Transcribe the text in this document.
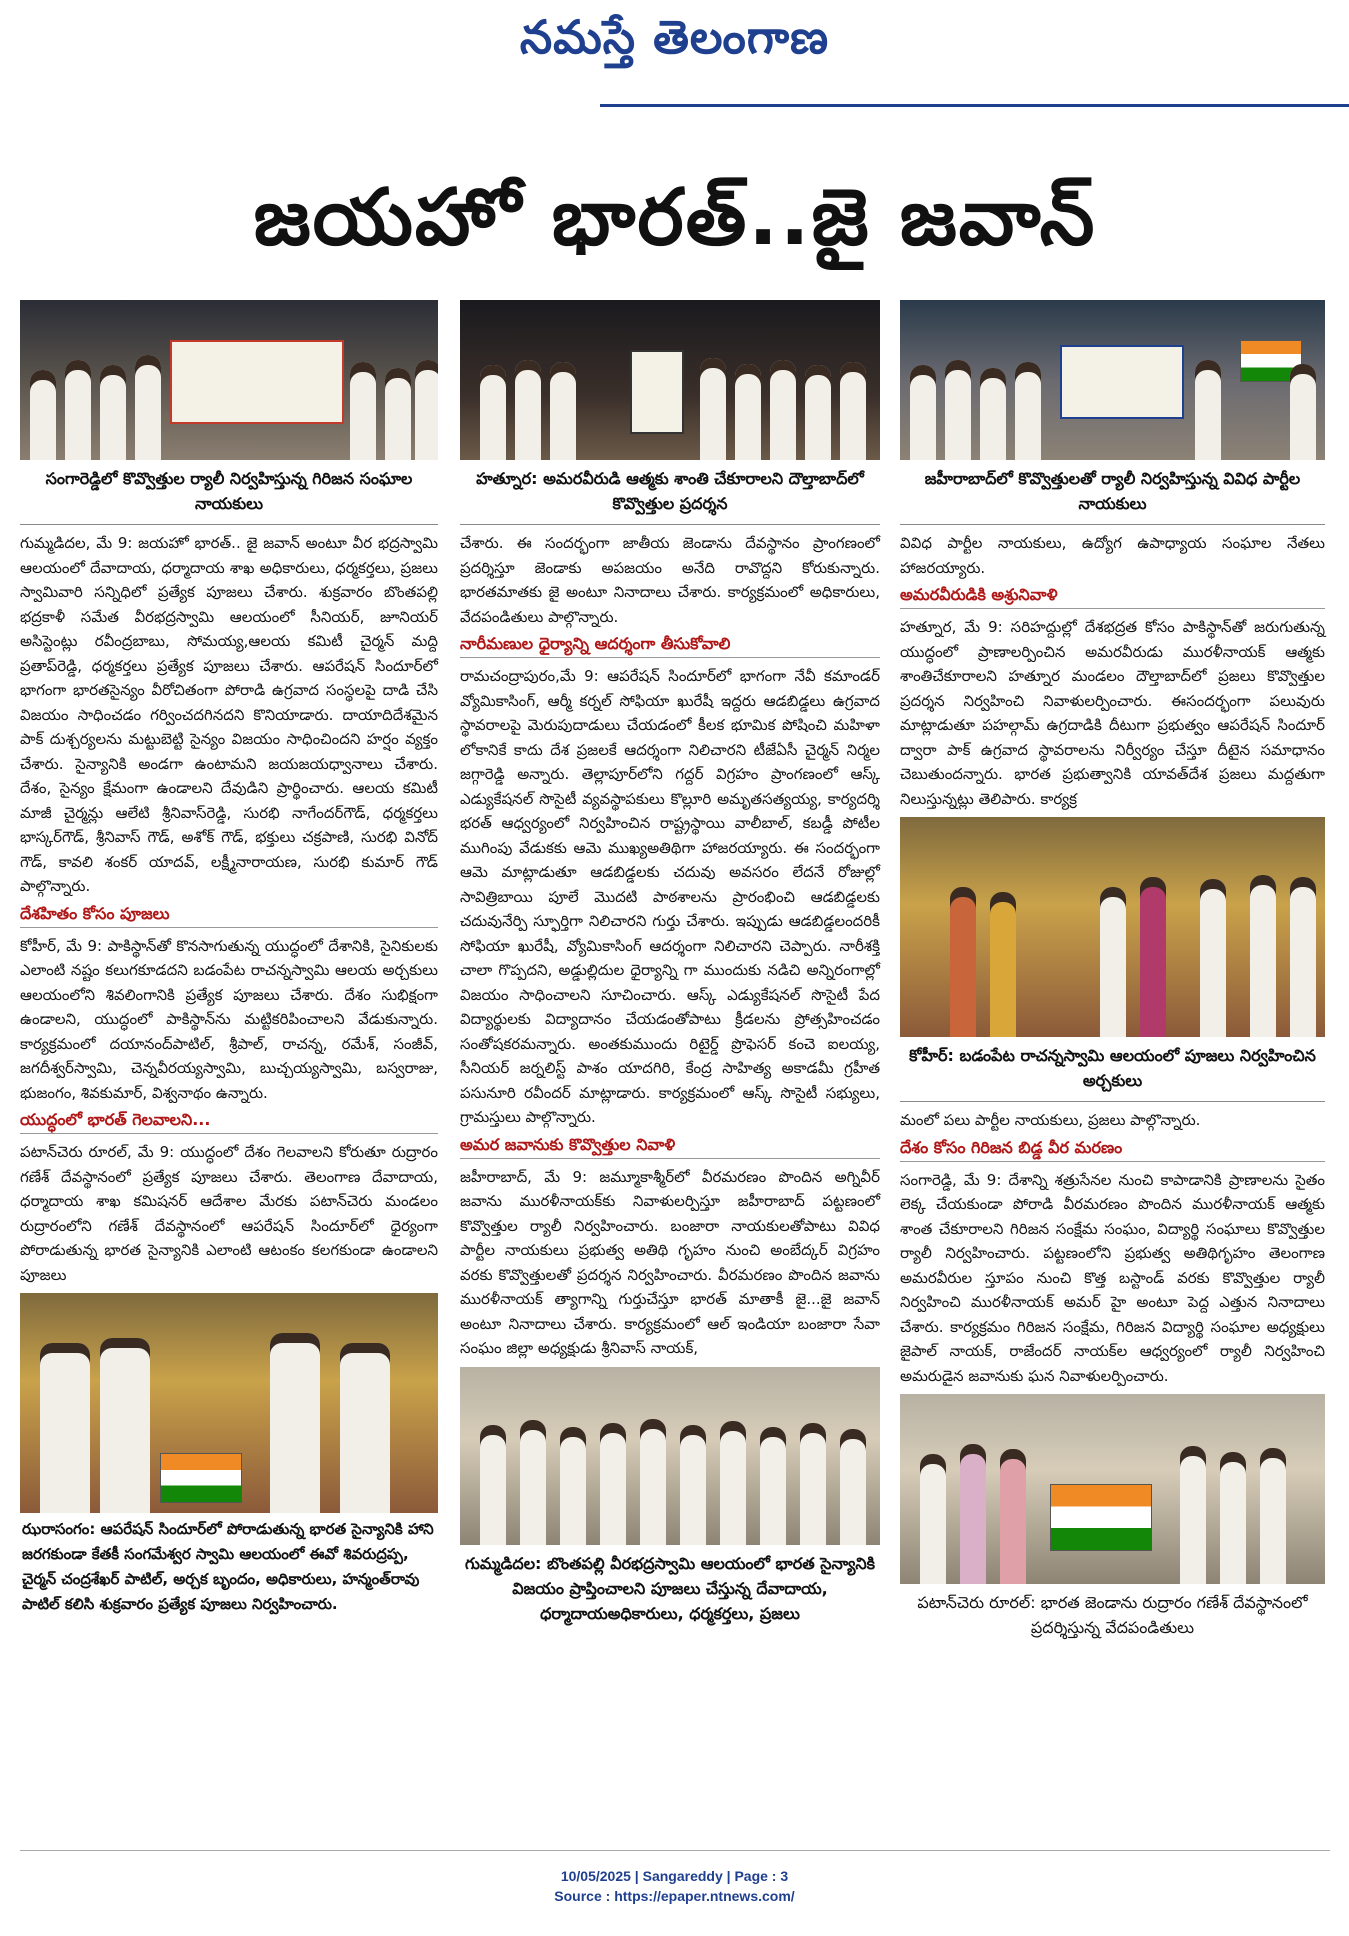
నమస్తే తెలంగాణ
జయహో భారత్..జై జవాన్
సంగారెడ్డిలో కొవ్వొత్తుల ర్యాలీ నిర్వహిస్తున్న గిరిజన సంఘాల నాయకులు

గుమ్మడిదల, మే 9: జయహో భారత్.. జై జవాన్ అంటూ వీర భద్రస్వామి ఆలయంలో దేవాదాయ, ధర్మాదాయ శాఖ అధికారులు, ధర్మకర్తలు, ప్రజలు స్వామివారి సన్నిధిలో ప్రత్యేక పూజలు చేశారు. శుక్రవారం బొంతపల్లి భద్రకాళీ సమేత వీరభద్రస్వామి ఆలయంలో సీనియర్, జూనియర్ అసిస్టెంట్లు రవీంద్రబాబు, సోమయ్య,ఆలయ కమిటీ చైర్మన్ మద్ది ప్రతాప్‌రెడ్డి, ధర్మకర్తలు ప్రత్యేక పూజలు చేశారు. ఆపరేషన్ సిందూర్‌లో భాగంగా భారతసైన్యం వీరోచితంగా పోరాడి ఉగ్రవాద సంస్థలపై దాడి చేసి విజయం సాధించడం గర్వించదగినదని కొనియాడారు. దాయాదిదేశమైన పాక్ దుశ్చర్యలను మట్టుబెట్టి సైన్యం విజయం సాధించిందని హర్షం వ్యక్తం చేశారు. సైన్యానికి అండగా ఉంటామని జయజయధ్వానాలు చేశారు. దేశం, సైన్యం క్షేమంగా ఉండాలని దేవుడిని ప్రార్థించారు. ఆలయ కమిటీ మాజీ చైర్మన్లు ఆలేటి శ్రీనివాస్‌రెడ్డి, సురభి నాగేందర్‌గౌడ్, ధర్మకర్తలు భాస్కర్‌గౌడ్, శ్రీనివాస్ గౌడ్, అశోక్ గౌడ్, భక్తులు చక్రపాణి, సురభి వినోద్ గౌడ్, కావలి శంకర్ యాదవ్, లక్ష్మీనారాయణ, సురభి కుమార్ గౌడ్ పాల్గొన్నారు.

దేశహితం కోసం పూజలు

కోహీర్, మే 9: పాకిస్థాన్‌తో కొనసాగుతున్న యుద్ధంలో దేశానికి, సైనికులకు ఎలాంటి నష్టం కలుగకూడదని బడంపేట రాచన్నస్వామి ఆలయ అర్చకులు ఆలయంలోని శివలింగానికి ప్రత్యేక పూజలు చేశారు. దేశం సుభిక్షంగా ఉండాలని, యుద్ధంలో పాకిస్థాన్‌ను మట్టికరిపించాలని వేడుకున్నారు. కార్యక్రమంలో దయానంద్‌పాటిల్, శ్రీపాల్, రాచన్న, రమేశ్, సంజీవ్, జగదీశ్వర్‌స్వామి, చెన్నవీరయ్యస్వామి, బుచ్చయ్యస్వామి, బస్వరాజు, భుజంగం, శివకుమార్, విశ్వనాథం ఉన్నారు.

యుద్ధంలో భారత్ గెలవాలని...

పటాన్‌చెరు రూరల్, మే 9: యుద్ధంలో దేశం గెలవాలని కోరుతూ రుద్రారం గణేశ్ దేవస్థానంలో ప్రత్యేక పూజలు చేశారు. తెలంగాణ దేవాదాయ, ధర్మాదాయ శాఖ కమిషనర్ ఆదేశాల మేరకు పటాన్‌చెరు మండలం రుద్రారంలోని గణేశ్ దేవస్థానంలో ఆపరేషన్ సిందూర్‌లో ధైర్యంగా పోరాడుతున్న భారత సైన్యానికి ఎలాంటి ఆటంకం కలగకుండా ఉండాలని పూజలు

ఝరాసంగం: ఆపరేషన్ సిందూర్‌లో పోరాడుతున్న భారత సైన్యానికి హాని జరగకుండా కేతకీ సంగమేశ్వర స్వామి ఆలయంలో ఈవో శివరుద్రప్ప, చైర్మన్ చంద్రశేఖర్ పాటిల్, అర్చక బృందం, అధికారులు, హన్మంత్‌రావు పాటిల్ కలిసి శుక్రవారం ప్రత్యేక పూజలు నిర్వహించారు.
హత్నూర: అమరవీరుడి ఆత్మకు శాంతి చేకూరాలని దౌల్తాబాద్‌లో కొవ్వొత్తుల ప్రదర్శన

చేశారు. ఈ సందర్భంగా జాతీయ జెండాను దేవస్థానం ప్రాంగణంలో ప్రదర్శిస్తూ జెండాకు అపజయం అనేది రావొద్దని కోరుకున్నారు. భారతమాతకు జై అంటూ నినాదాలు చేశారు. కార్యక్రమంలో అధికారులు, వేదపండితులు పాల్గొన్నారు.

నారీమణుల ధైర్యాన్ని ఆదర్శంగా తీసుకోవాలి

రామచంద్రాపురం,మే 9: ఆపరేషన్ సిందూర్‌లో భాగంగా నేవీ కమాండర్ వ్యోమికాసింగ్, ఆర్మీ కర్నల్ సోఫియా ఖురేషీ ఇద్దరు ఆడబిడ్డలు ఉగ్రవాద స్థావరాలపై మెరుపుదాడులు చేయడంలో కీలక భూమిక పోషించి మహిళా లోకానికే కాదు దేశ ప్రజలకే ఆదర్శంగా నిలిచారని టీజేఏసీ చైర్మన్ నిర్మల జగ్గారెడ్డి అన్నారు. తెల్లాపూర్‌లోని గద్దర్ విగ్రహం ప్రాంగణంలో ఆస్క్ ఎడ్యుకేషనల్ సొసైటీ వ్యవస్థాపకులు కొల్లూరి అమృతసత్యయ్య, కార్యదర్శి భరత్ ఆధ్వర్యంలో నిర్వహించిన రాష్ట్రస్థాయి వాలీబాల్, కబడ్డీ పోటీల ముగింపు వేడుకకు ఆమె ముఖ్యఅతిథిగా హాజరయ్యారు. ఈ సందర్భంగా ఆమె మాట్లాడుతూ ఆడబిడ్డలకు చదువు అవసరం లేదనే రోజుల్లో సావిత్రిబాయి పూలే మొదటి పాఠశాలను ప్రారంభించి ఆడబిడ్డలకు చదువునేర్పి స్ఫూర్తిగా నిలిచారని గుర్తు చేశారు. ఇప్పుడు ఆడబిడ్డలందరికీ సోఫియా ఖురేషీ, వ్యోమికాసింగ్ ఆదర్శంగా నిలిచారని చెప్పారు. నారీశక్తి చాలా గొప్పదని, అడ్డుల్లిదుల ధైర్యాన్ని గా ముందుకు నడిచి అన్నిరంగాల్లో విజయం సాధించాలని సూచించారు. ఆస్క్ ఎడ్యుకేషనల్ సొసైటీ పేద విద్యార్థులకు విద్యాదానం చేయడంతోపాటు క్రీడలను ప్రోత్సహించడం సంతోషకరమన్నారు. అంతకుముందు రిటైర్డ్ ప్రొఫెసర్ కంచె ఐలయ్య, సీనియర్ జర్నలిస్ట్ పాశం యాదగిరి, కేంద్ర సాహిత్య అకాడమీ గ్రహీత పసునూరి రవీందర్ మాట్లాడారు. కార్యక్రమంలో ఆస్క్ సొసైటీ సభ్యులు, గ్రామస్తులు పాల్గొన్నారు.

అమర జవానుకు కొవ్వొత్తుల నివాళి

జహీరాబాద్, మే 9: జమ్మూకాశ్మీర్‌లో వీరమరణం పొందిన అగ్నివీర్ జవాను మురళీనాయక్‌కు నివాళులర్పిస్తూ జహీరాబాద్ పట్టణంలో కొవ్వొత్తుల ర్యాలీ నిర్వహించారు. బంజారా నాయకులతోపాటు వివిధ పార్టీల నాయకులు ప్రభుత్వ అతిథి గృహం నుంచి అంబేద్కర్ విగ్రహం వరకు కొవ్వొత్తులతో ప్రదర్శన నిర్వహించారు. వీరమరణం పొందిన జవాను మురళీనాయక్ త్యాగాన్ని గుర్తుచేస్తూ భారత్ మాతాకీ జై...జై జవాన్ అంటూ నినాదాలు చేశారు. కార్యక్రమంలో ఆల్ ఇండియా బంజారా సేవా సంఘం జిల్లా అధ్యక్షుడు శ్రీనివాస్ నాయక్,

గుమ్మడిదల: బొంతపల్లి వీరభద్రస్వామి ఆలయంలో భారత సైన్యానికి విజయం ప్రాప్తించాలని పూజలు చేస్తున్న దేవాదాయ, ధర్మాదాయఅధికారులు, ధర్మకర్తలు, ప్రజలు
జహీరాబాద్‌లో కొవ్వొత్తులతో ర్యాలీ నిర్వహిస్తున్న వివిధ పార్టీల నాయకులు

వివిధ పార్టీల నాయకులు, ఉద్యోగ ఉపాధ్యాయ సంఘాల నేతలు హాజరయ్యారు.

అమరవీరుడికి అశ్రునివాళి

హత్నూర, మే 9: సరిహద్దుల్లో దేశభద్రత కోసం పాకిస్థాన్‌తో జరుగుతున్న యుద్ధంలో ప్రాణాలర్పించిన అమరవీరుడు మురళీనాయక్ ఆత్మకు శాంతిచేకూరాలని హత్నూర మండలం దౌల్తాబాద్‌లో ప్రజలు కొవ్వొత్తుల ప్రదర్శన నిర్వహించి నివాళులర్పించారు. ఈసందర్భంగా పలువురు మాట్లాడుతూ పహల్గామ్ ఉగ్రదాడికి దీటుగా ప్రభుత్వం ఆపరేషన్ సిందూర్ ద్వారా పాక్ ఉగ్రవాద స్థావరాలను నిర్వీర్యం చేస్తూ దీటైన సమాధానం చెబుతుందన్నారు. భారత ప్రభుత్వానికి యావత్‌దేశ ప్రజలు మద్దతుగా నిలుస్తున్నట్లు తెలిపారు. కార్యక్ర

కోహీర్: బడంపేట రాచన్నస్వామి ఆలయంలో పూజలు నిర్వహించిన అర్చకులు

మంలో పలు పార్టీల నాయకులు, ప్రజలు పాల్గొన్నారు.

దేశం కోసం గిరిజన బిడ్డ వీర మరణం

సంగారెడ్డి, మే 9: దేశాన్ని శత్రుసేనల నుంచి కాపాడానికి ప్రాణాలను సైతం లెక్క చేయకుండా పోరాడి వీరమరణం పొందిన మురళీనాయక్ ఆత్మకు శాంత చేకూరాలని గిరిజన సంక్షేమ సంఘం, విద్యార్థి సంఘాలు కొవ్వొత్తుల ర్యాలీ నిర్వహించారు. పట్టణంలోని ప్రభుత్వ అతిథిగృహం తెలంగాణ అమరవీరుల స్తూపం నుంచి కొత్త బస్టాండ్ వరకు కొవ్వొత్తుల ర్యాలీ నిర్వహించి మురళీనాయక్ అమర్ హై అంటూ పెద్ద ఎత్తున నినాదాలు చేశారు. కార్యక్రమం గిరిజన సంక్షేమ, గిరిజన విద్యార్థి సంఘాల అధ్యక్షులు జైపాల్ నాయక్, రాజేందర్ నాయక్‌ల ఆధ్వర్యంలో ర్యాలీ నిర్వహించి అమరుడైన జవానుకు ఘన నివాళులర్పించారు.

పటాన్‌చెరు రూరల్: భారత జెండాను రుద్రారం గణేశ్ దేవస్థానంలో ప్రదర్శిస్తున్న వేదపండితులు
10/05/2025 | Sangareddy | Page : 3
Source : https://epaper.ntnews.com/
